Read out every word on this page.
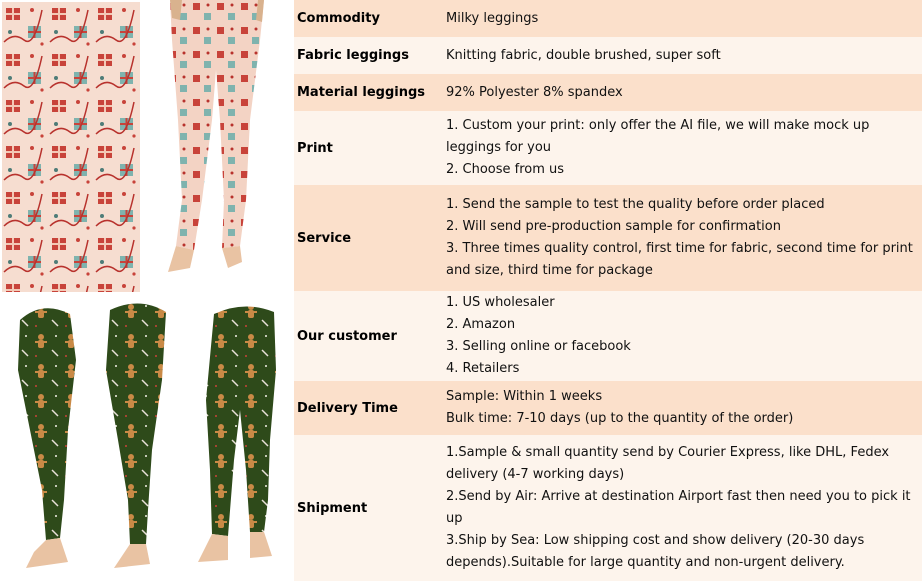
Commodity	Milky leggings

Fabric leggings	Knitting fabric, double brushed, super soft

Material leggings	92% Polyester 8% spandex

Print	1. Custom your print: only offer the AI file, we will make mock up leggings for you
2. Choose from us

Service	1. Send the sample to test the quality before order placed
2. Will send pre-production sample for confirmation
3. Three times quality control, first time for fabric, second time for print and size, third time for package

Our customer	1. US wholesaler
2. Amazon
3. Selling online or facebook
4. Retailers

Delivery Time	Sample: Within 1 weeks
Bulk time: 7-10 days (up to the quantity of the order)

Shipment	1.Sample & small quantity send by Courier Express, like DHL, Fedex delivery (4-7 working days)
2.Send by Air: Arrive at destination Airport fast then need you to pick it up
3.Ship by Sea: Low shipping cost and show delivery (20-30 days depends).Suitable for large quantity and non-urgent delivery.
